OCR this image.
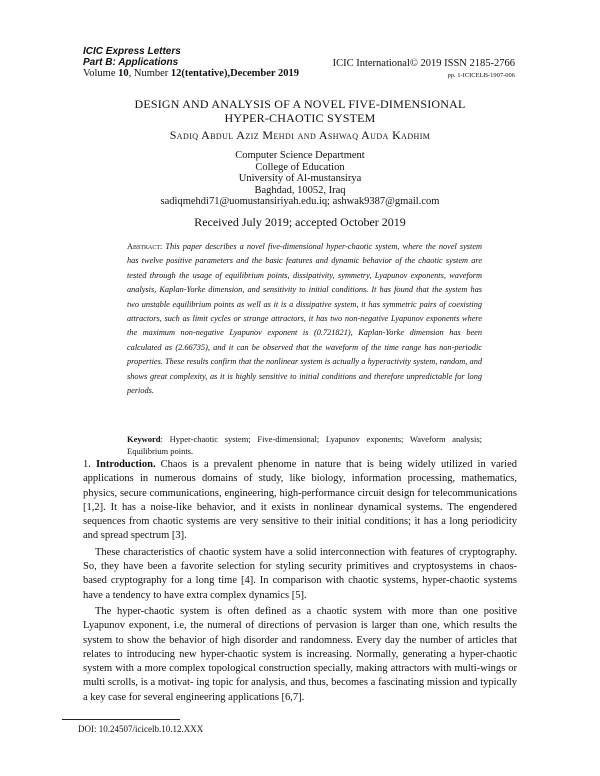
ICIC Express Letters
Part B: Applications
Volume 10, Number 12(tentative),December 2019
ICIC International© 2019 ISSN 2185-2766
pp. 1-ICICELB-1907-006
DESIGN AND ANALYSIS OF A NOVEL FIVE-DIMENSIONAL
HYPER-CHAOTIC SYSTEM
Sadiq Abdul Aziz Mehdi and Ashwaq Auda Kadhim
Computer Science Department
College of Education
University of Al-mustansirya
Baghdad, 10052, Iraq
sadiqmehdi71@uomustansiriyah.edu.iq; ashwak9387@gmail.com
Received July 2019; accepted October 2019
Abstract: This paper describes a novel five-dimensional hyper-chaotic system, where the novel system has twelve positive parameters and the basic features and dynamic behavior of the chaotic system are tested through the usage of equilibrium points, dissipativity, symmetry, Lyapunov exponents, waveform analysis, Kaplan-Yorke dimension, and sensitivity to initial conditions. It has found that the system has two unstable equilibrium points as well as it is a dissipative system, it has symmetric pairs of coexisting attractors, such as limit cycles or strange attractors, it has two non-negative Lyapunov exponents where the maximum non-negative Lyapunov exponent is (0.721821), Kaplan-Yorke dimension has been calculated as (2.66735), and it can be observed that the waveform of the time range has non-periodic properties. These results confirm that the nonlinear system is actually a hyperactivity system, random, and shows great complexity, as it is highly sensitive to initial conditions and therefore unpredictable for long periods.
Keyword: Hyper-chaotic system; Five-dimensional; Lyapunov exponents; Waveform analysis; Equilibrium points.

1. Introduction. Chaos is a prevalent phenome in nature that is being widely utilized in varied applications in numerous domains of study, like biology, information processing, mathematics, physics, secure communications, engineering, high-performance circuit design for telecommunications [1,2]. It has a noise-like behavior, and it exists in nonlinear dynamical systems. The engendered sequences from chaotic systems are very sensitive to their initial conditions; it has a long periodicity and spread spectrum [3].

These characteristics of chaotic system have a solid interconnection with features of cryptography. So, they have been a favorite selection for styling security primitives and cryptosystems in chaos-based cryptography for a long time [4]. In comparison with chaotic systems, hyper-chaotic systems have a tendency to have extra complex dynamics [5].

The hyper-chaotic system is often defined as a chaotic system with more than one positive Lyapunov exponent, i.e, the numeral of directions of pervasion is larger than one, which results the system to show the behavior of high disorder and randomness. Every day the number of articles that relates to introducing new hyper-chaotic system is increasing. Normally, generating a hyper-chaotic system with a more complex topological construction specially, making attractors with multi-wings or multi scrolls, is a motivat- ing topic for analysis, and thus, becomes a fascinating mission and typically a key case for several engineering applications [6,7].

DOI: 10.24507/icicelb.10.12.XXX
